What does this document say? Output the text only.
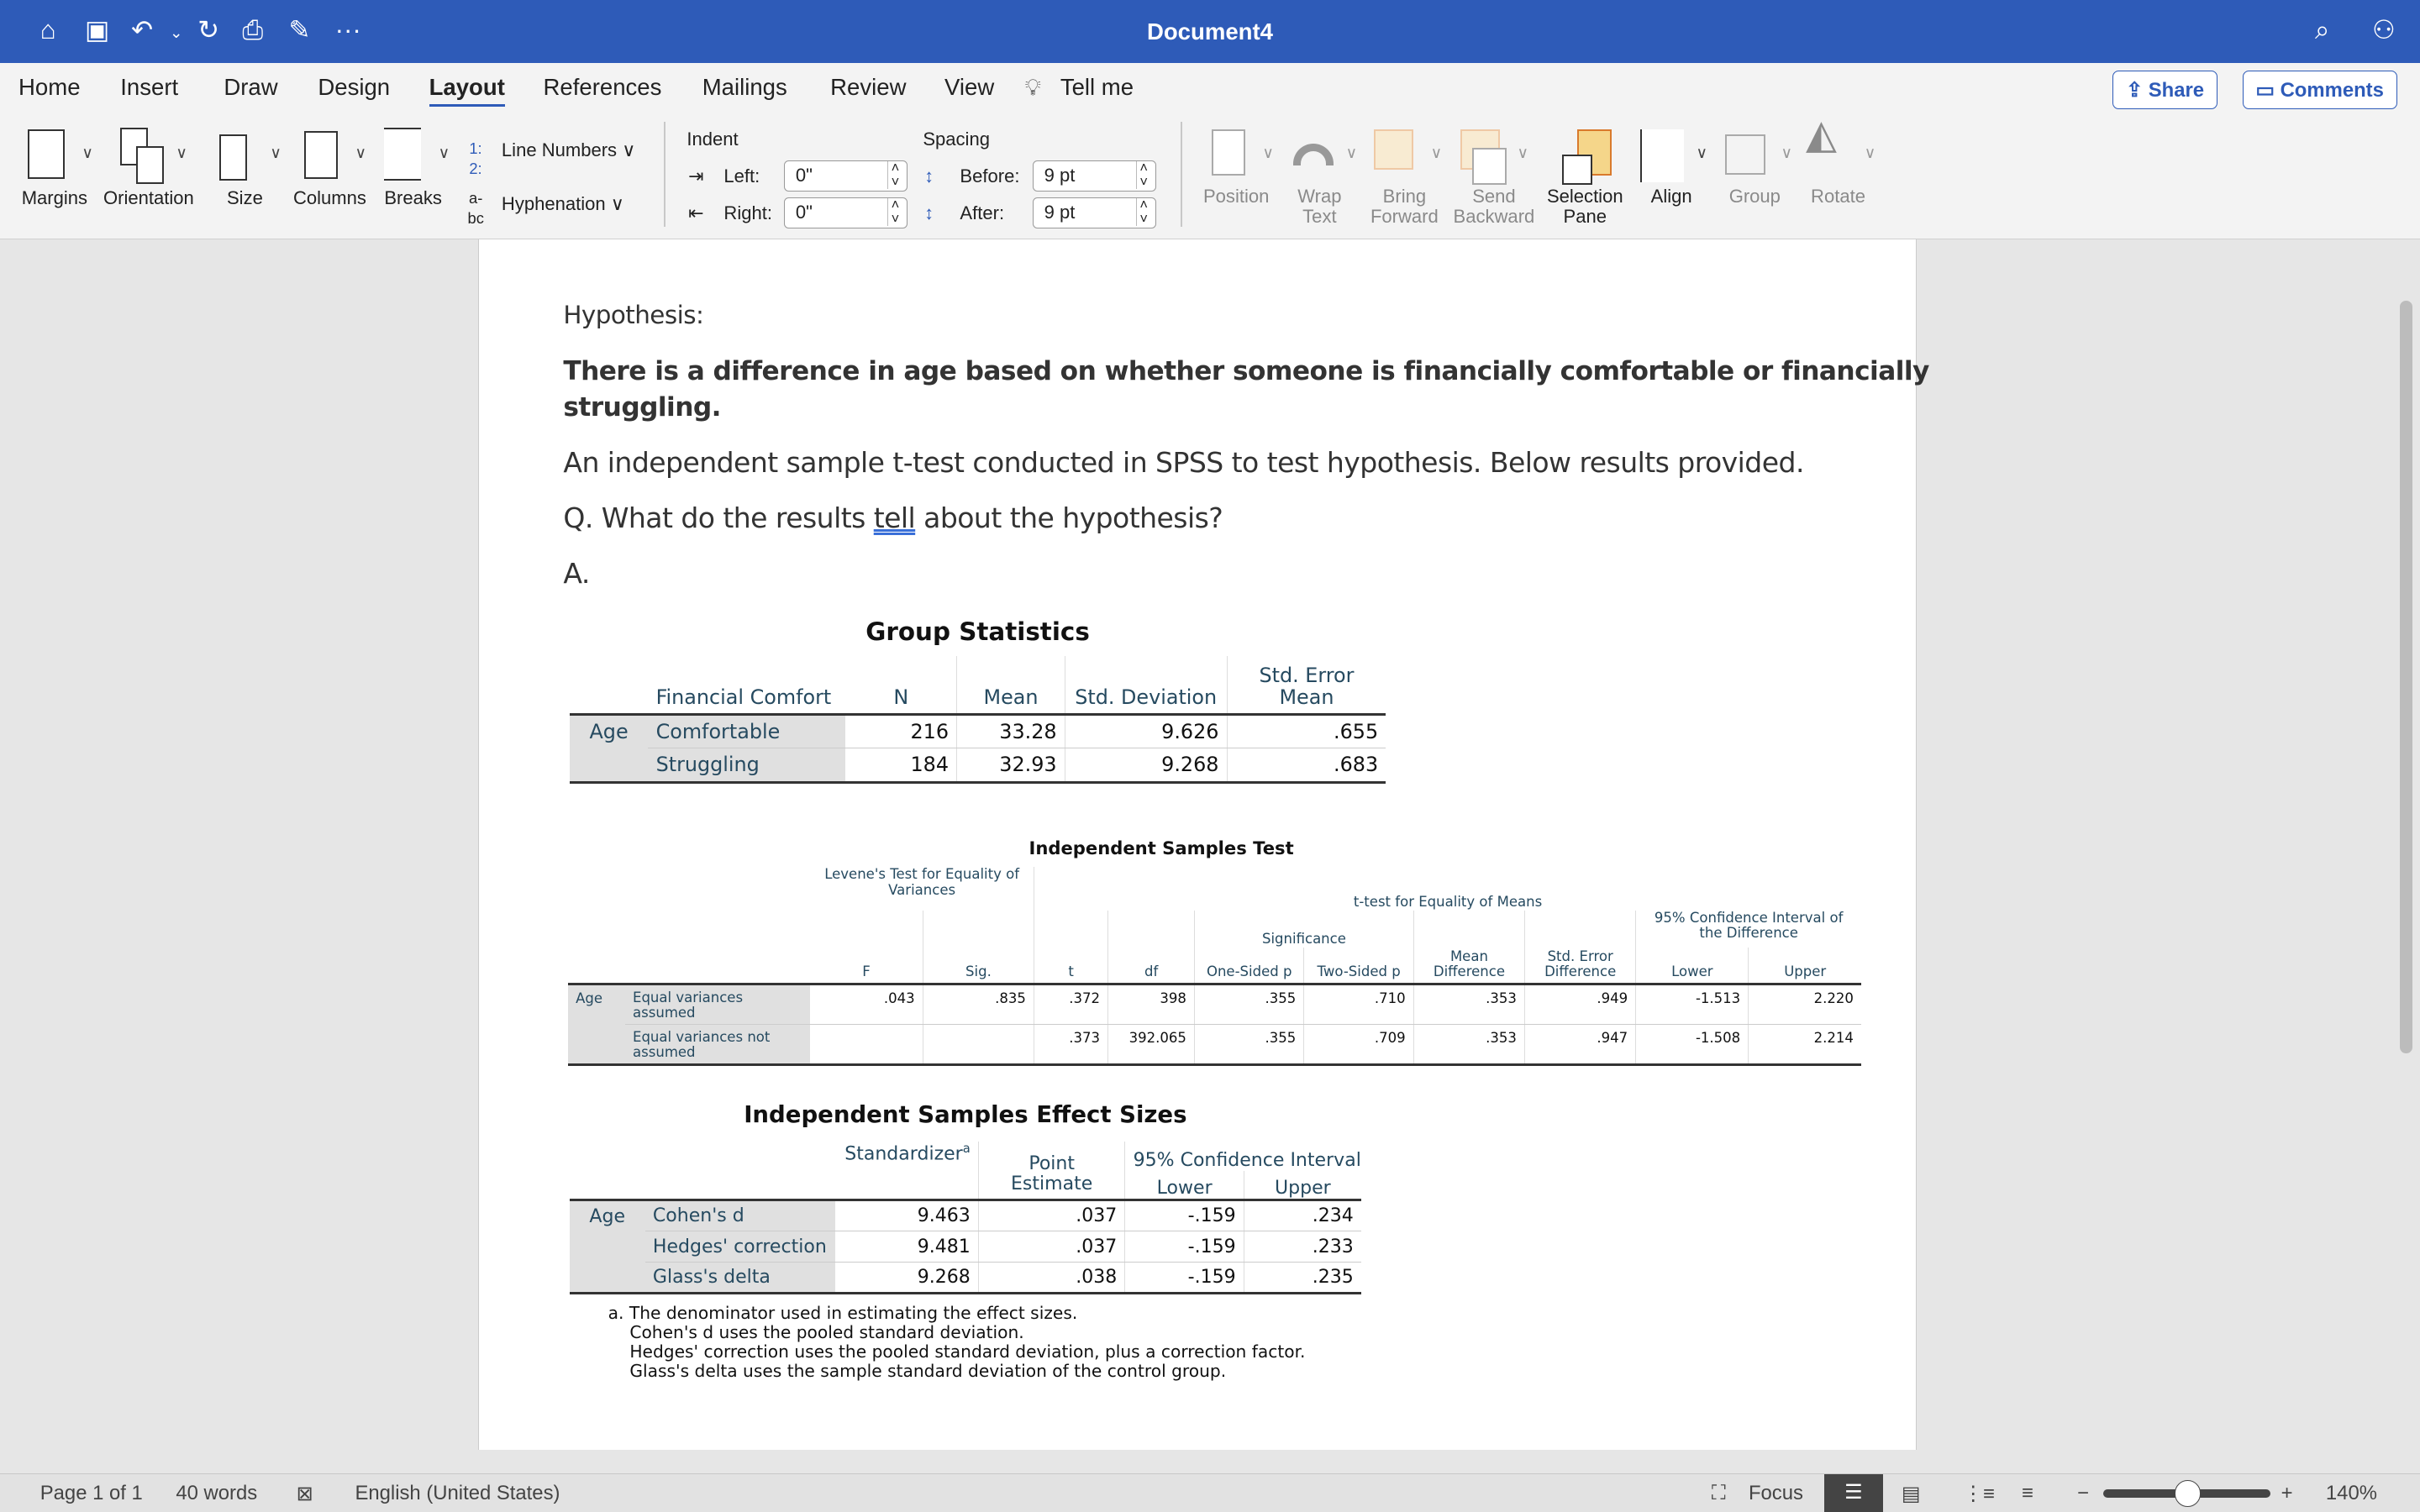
⌂ ▣ ↶ ⌄ ↻ ⎙ ✎ ···	Document4	⌕	⚇
Home	Insert	Draw	Design	Layout	References	Mailings	Review	View 💡︎ Tell me	⇪ Share	▭ Comments
∨	∨	∨	∨	∨
Margins Orientation	Size	Columns Breaks
1:
2:
Line Numbers ∨
a-
bc
Hyphenation ∨
Indent
⇥ Left:	0" ˄˅
⇤ Right:	0" ˄˅
Spacing
↕	Before:	9 pt ˄˅
↕	After:	9 pt ˄˅
◭
∨	∨	∨	∨	∨	∨	∨
Position	Wrap
Text
Bring
Forward
Send
Backward
Selection
Pane
Align	Group	Rotate
Hypothesis:
There is a difference in age based on whether someone is financially comfortable or financially
struggling.
An independent sample t-test conducted in SPSS to test hypothesis. Below results provided.
Q. What do the results tell about the hypothesis?
A.
Group Statistics
	Financial Comfort	N	Mean	Std. Deviation	Std. Error Mean
Age	Comfortable	216	33.28	9.626	.655
	Struggling	184	32.93	9.268	.683
Independent Samples Test
		Levene's Test for Equality of Variances		t-test for Equality of Means							
						Significance				95% Confidence Interval of the Difference	
		F	Sig.	t	df	One-Sided p	Two-Sided p	Mean Difference	Std. Error Difference	Lower	Upper
Age	Equal variances assumed	.043	.835	.372	398	.355	.710	.353	.949	-1.513	2.220
	Equal variances not assumed			.373	392.065	.355	.709	.353	.947	-1.508	2.214
Independent Samples Effect Sizes
		Standardizer$^a$	Point Estimate	95% Confidence Interval	
				Lower	Upper
Age	Cohen's d	9.463	.037	-.159	.234
	Hedges' correction	9.481	.037	-.159	.233
	Glass's delta	9.268	.038	-.159	.235
a. The denominator used in estimating the effect sizes.
Cohen's d uses the pooled standard deviation.
Hedges' correction uses the pooled standard deviation, plus a correction factor.
Glass's delta uses the sample standard deviation of the control group.
Page 1 of 1	40 words	⊠	English (United States)	⛶ Focus	☰	▤	⋮≡ ≡	−	+	140%
